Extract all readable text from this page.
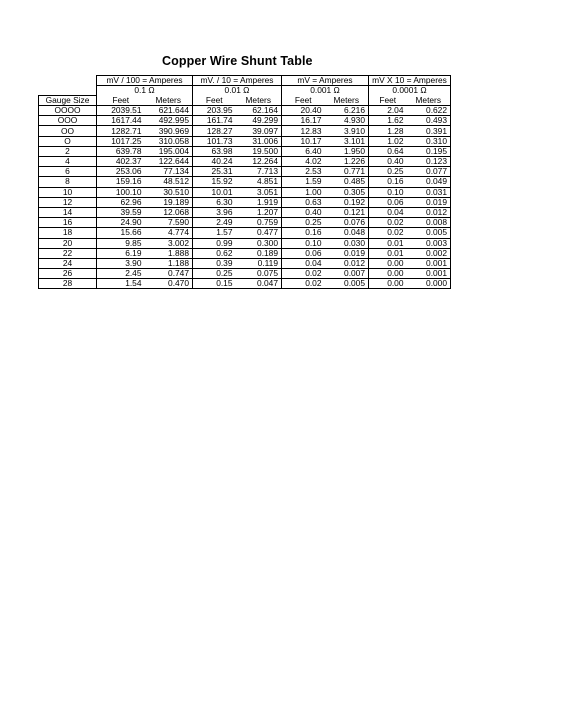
Copper Wire Shunt Table
	mV / 100 = Amperes		mV. / 10 = Amperes		mV = Amperes		mV X 10 = Amperes	
	0.1 Ω		0.01 Ω		0.001 Ω		0.0001 Ω	
Gauge Size	Feet	Meters	Feet	Meters	Feet	Meters	Feet	Meters
OOOO	2039.51	621.644	203.95	62.164	20.40	6.216	2.04	0.622
OOO	1617.44	492.995	161.74	49.299	16.17	4.930	1.62	0.493
OO	1282.71	390.969	128.27	39.097	12.83	3.910	1.28	0.391
O	1017.25	310.058	101.73	31.006	10.17	3.101	1.02	0.310
2	639.78	195.004	63.98	19.500	6.40	1.950	0.64	0.195
4	402.37	122.644	40.24	12.264	4.02	1.226	0.40	0.123
6	253.06	77.134	25.31	7.713	2.53	0.771	0.25	0.077
8	159.16	48.512	15.92	4.851	1.59	0.485	0.16	0.049
10	100.10	30.510	10.01	3.051	1.00	0.305	0.10	0.031
12	62.96	19.189	6.30	1.919	0.63	0.192	0.06	0.019
14	39.59	12.068	3.96	1.207	0.40	0.121	0.04	0.012
16	24.90	7.590	2.49	0.759	0.25	0.076	0.02	0.008
18	15.66	4.774	1.57	0.477	0.16	0.048	0.02	0.005
20	9.85	3.002	0.99	0.300	0.10	0.030	0.01	0.003
22	6.19	1.888	0.62	0.189	0.06	0.019	0.01	0.002
24	3.90	1.188	0.39	0.119	0.04	0.012	0.00	0.001
26	2.45	0.747	0.25	0.075	0.02	0.007	0.00	0.001
28	1.54	0.470	0.15	0.047	0.02	0.005	0.00	0.000
